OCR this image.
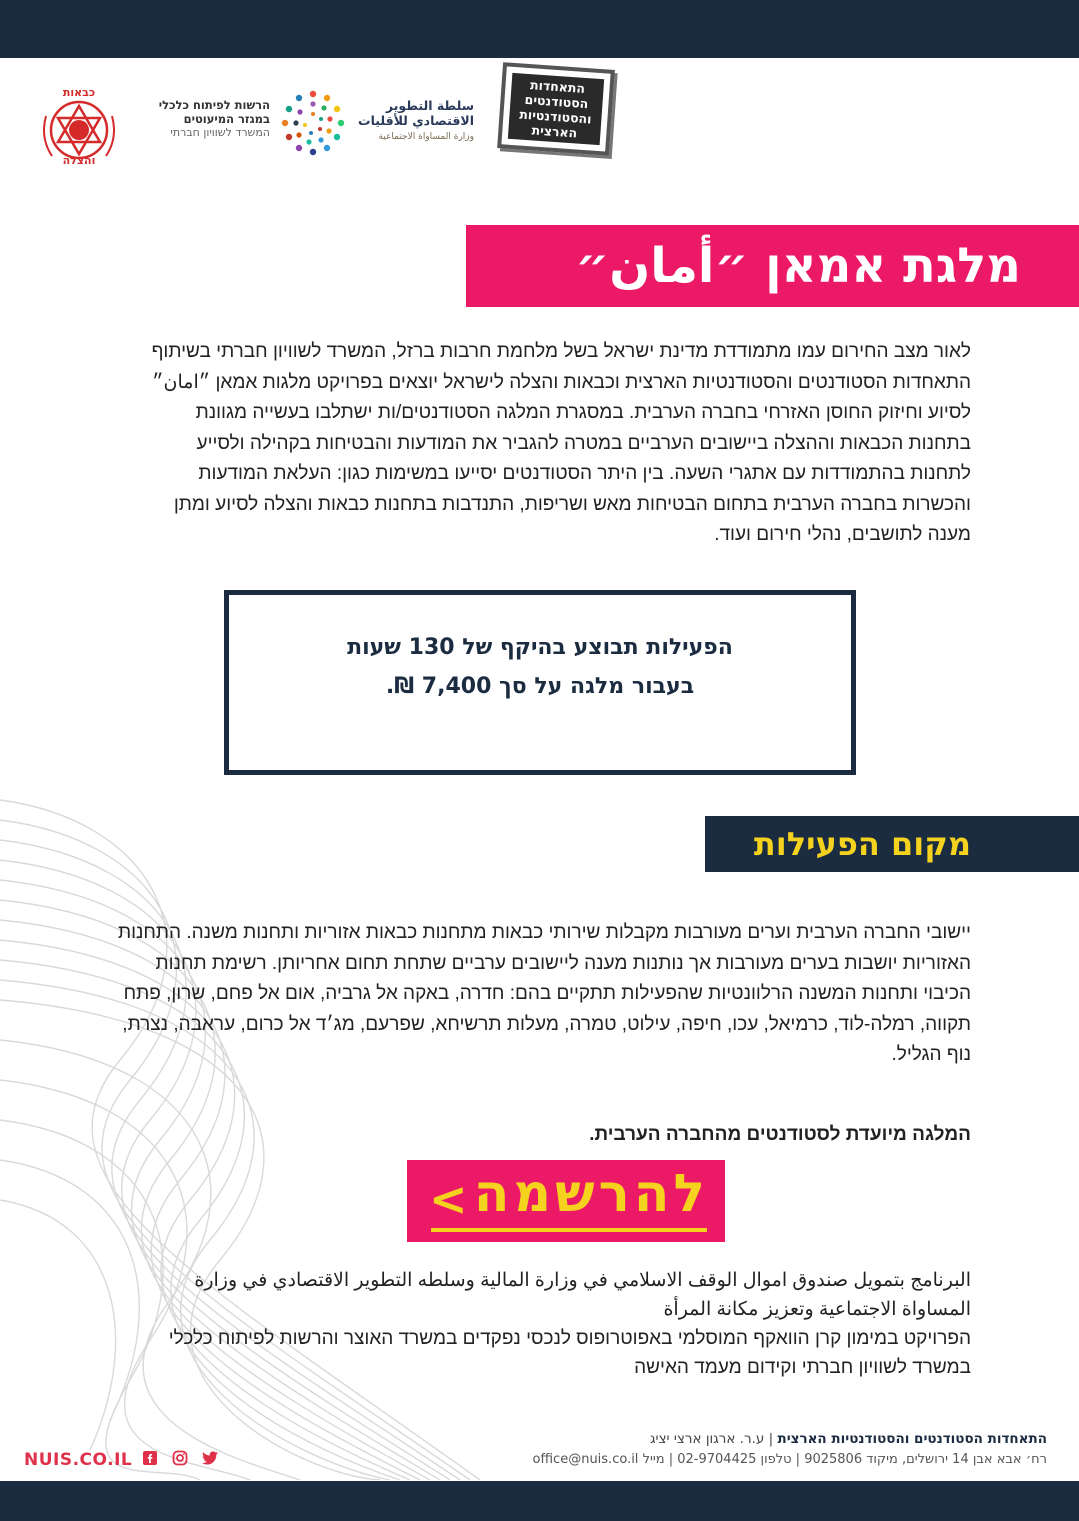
התאחדות
הסטודנטים
והסטודנטיות
הארצית
سلطة التطوير
الاقتصادي للأقليات
وزارة المساواة الاجتماعية
הרשות לפיתוח כלכלי
במגזר המיעוטים
המשרד לשוויון חברתי
כבאות
והצלה
מלגת אמאן ״أمان״

לאור מצב החירום עמו מתמודדת מדינת ישראל בשל מלחמת חרבות ברזל, המשרד לשוויון חברתי בשיתוף התאחדות הסטודנטים והסטודנטיות הארצית וכבאות והצלה לישראל יוצאים בפרויקט מלגות אמאן ״امان״ לסיוע וחיזוק החוסן האזרחי בחברה הערבית. במסגרת המלגה הסטודנטים/ות ישתלבו בעשייה מגוונת בתחנות הכבאות וההצלה ביישובים הערביים במטרה להגביר את המודעות והבטיחות בקהילה ולסייע לתחנות בהתמודדות עם אתגרי השעה. בין היתר הסטודנטים יסייעו במשימות כגון: העלאת המודעות והכשרות בחברה הערבית בתחום הבטיחות מאש ושריפות, התנדבות בתחנות כבאות והצלה לסיוע ומתן מענה לתושבים, נהלי חירום ועוד.

הפעילות תבוצע בהיקף של 130 שעות
בעבור מלגה על סך 7,400 ₪.
מקום הפעילות

יישובי החברה הערבית וערים מעורבות מקבלות שירותי כבאות מתחנות כבאות אזוריות ותחנות משנה. התחנות האזוריות יושבות בערים מעורבות אך נותנות מענה ליישובים ערביים שתחת תחום אחריותן. רשימת תחנות הכיבוי ותחנות המשנה הרלוונטיות שהפעילות תתקיים בהם: חדרה, באקה אל גרביה, אום אל פחם, שרון, פתח תקווה, רמלה-לוד, כרמיאל, עכו, חיפה, עילוט, טמרה, מעלות תרשיחא, שפרעם, מג׳ד אל כרום, עראבה, נצרת, נוף הגליל.

המלגה מיועדת לסטודנטים מהחברה הערבית.
להרשמה
<

البرنامج بتمويل صندوق اموال الوقف الاسلامي في وزارة المالية وسلطه التطوير الاقتصادي في وزارة المساواة الاجتماعية وتعزيز مكانة المرأة

הפרויקט במימון קרן הוואקף המוסלמי באפוטרופוס לנכסי נפקדים במשרד האוצר והרשות לפיתוח כלכלי במשרד לשוויון חברתי וקידום מעמד האישה

התאחדות הסטודנטים והסטודנטיות הארצית | ע.ר. ארגון ארצי יציג
רח׳ אבא אבן 14 ירושלים, מיקוד 9025806 | טלפון 02-9704425 | מייל office@nuis.co.il
NUIS.CO.IL
